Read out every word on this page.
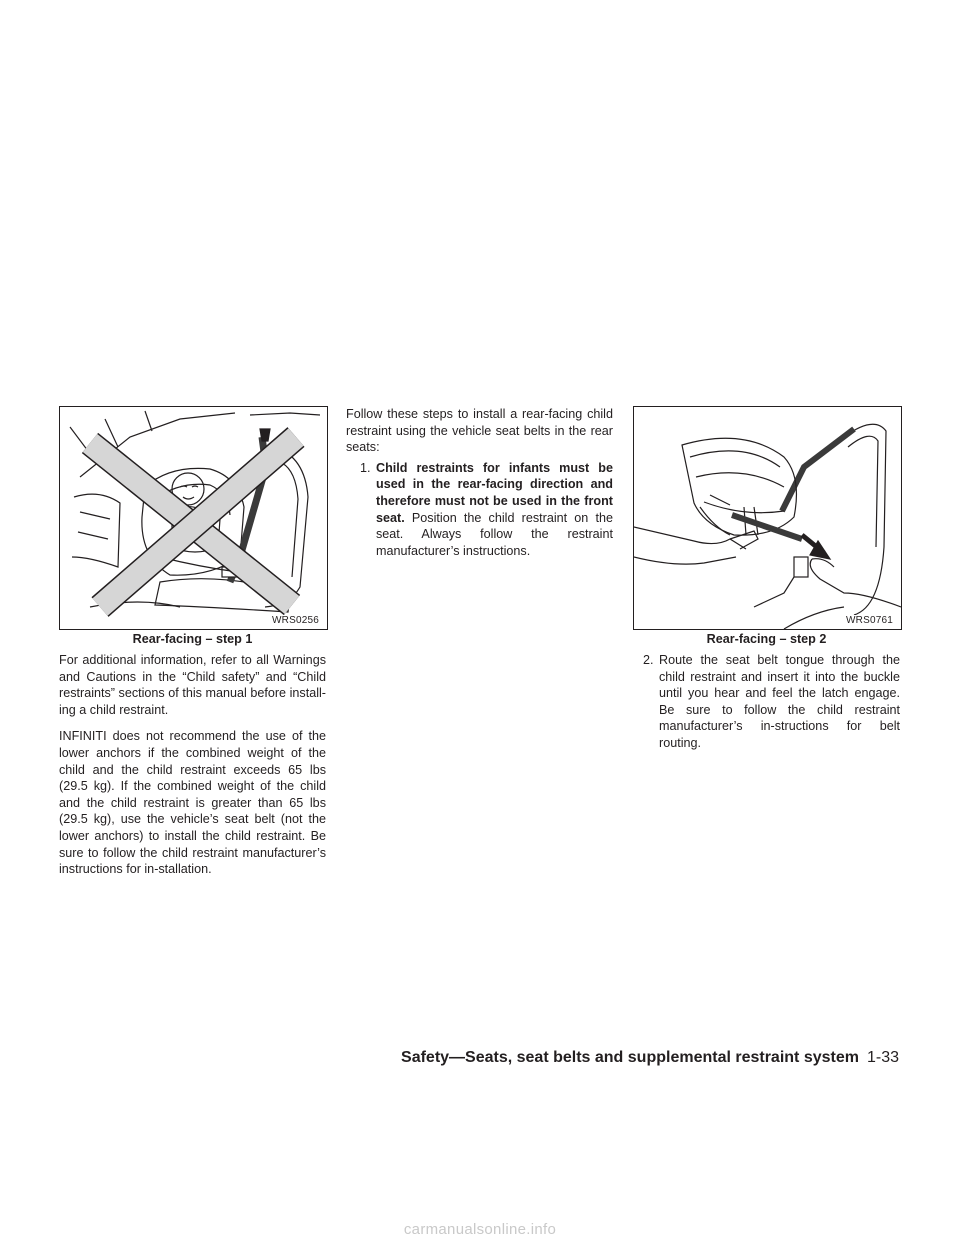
WRS0256
Rear-facing – step 1
WRS0761
Rear-facing – step 2

For additional information, refer to all Warnings and Cautions in the “Child safety” and “Child restraints” sections of this manual before install-ing a child restraint.

INFINITI does not recommend the use of the lower anchors if the combined weight of the child and the child restraint exceeds 65 lbs (29.5 kg). If the combined weight of the child and the child restraint is greater than 65 lbs (29.5 kg), use the vehicle’s seat belt (not the lower anchors) to install the child restraint. Be sure to follow the child restraint manufacturer’s instructions for in-stallation.

Follow these steps to install a rear-facing child restraint using the vehicle seat belts in the rear seats:

1. Child restraints for infants must be used in the rear-facing direction and therefore must not be used in the front seat. Position the child restraint on the seat. Always follow the restraint manufacturer’s instructions.
2. Route the seat belt tongue through the child restraint and insert it into the buckle until you hear and feel the latch engage. Be sure to follow the child restraint manufacturer’s in-structions for belt routing.
Safety—Seats, seat belts and supplemental restraint system 1-33
carmanualsonline.info
